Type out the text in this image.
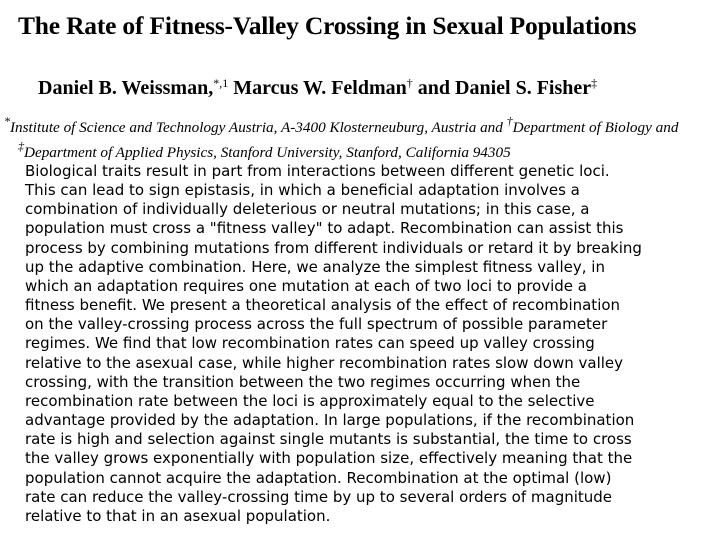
The Rate of Fitness-Valley Crossing in Sexual Populations
Daniel B. Weissman,$^{*,1}$ Marcus W. Feldman† and Daniel S. Fisher‡
*Institute of Science and Technology Austria, A-3400 Klosterneuburg, Austria and †Department of Biology and
‡Department of Applied Physics, Stanford University, Stanford, California 94305
Biological traits result in part from interactions between different genetic loci.
This can lead to sign epistasis, in which a beneficial adaptation involves a
combination of individually deleterious or neutral mutations; in this case, a
population must cross a "fitness valley" to adapt. Recombination can assist this
process by combining mutations from different individuals or retard it by breaking
up the adaptive combination. Here, we analyze the simplest fitness valley, in
which an adaptation requires one mutation at each of two loci to provide a
fitness benefit. We present a theoretical analysis of the effect of recombination
on the valley-crossing process across the full spectrum of possible parameter
regimes. We find that low recombination rates can speed up valley crossing
relative to the asexual case, while higher recombination rates slow down valley
crossing, with the transition between the two regimes occurring when the
recombination rate between the loci is approximately equal to the selective
advantage provided by the adaptation. In large populations, if the recombination
rate is high and selection against single mutants is substantial, the time to cross
the valley grows exponentially with population size, effectively meaning that the
population cannot acquire the adaptation. Recombination at the optimal (low)
rate can reduce the valley-crossing time by up to several orders of magnitude
relative to that in an asexual population.
